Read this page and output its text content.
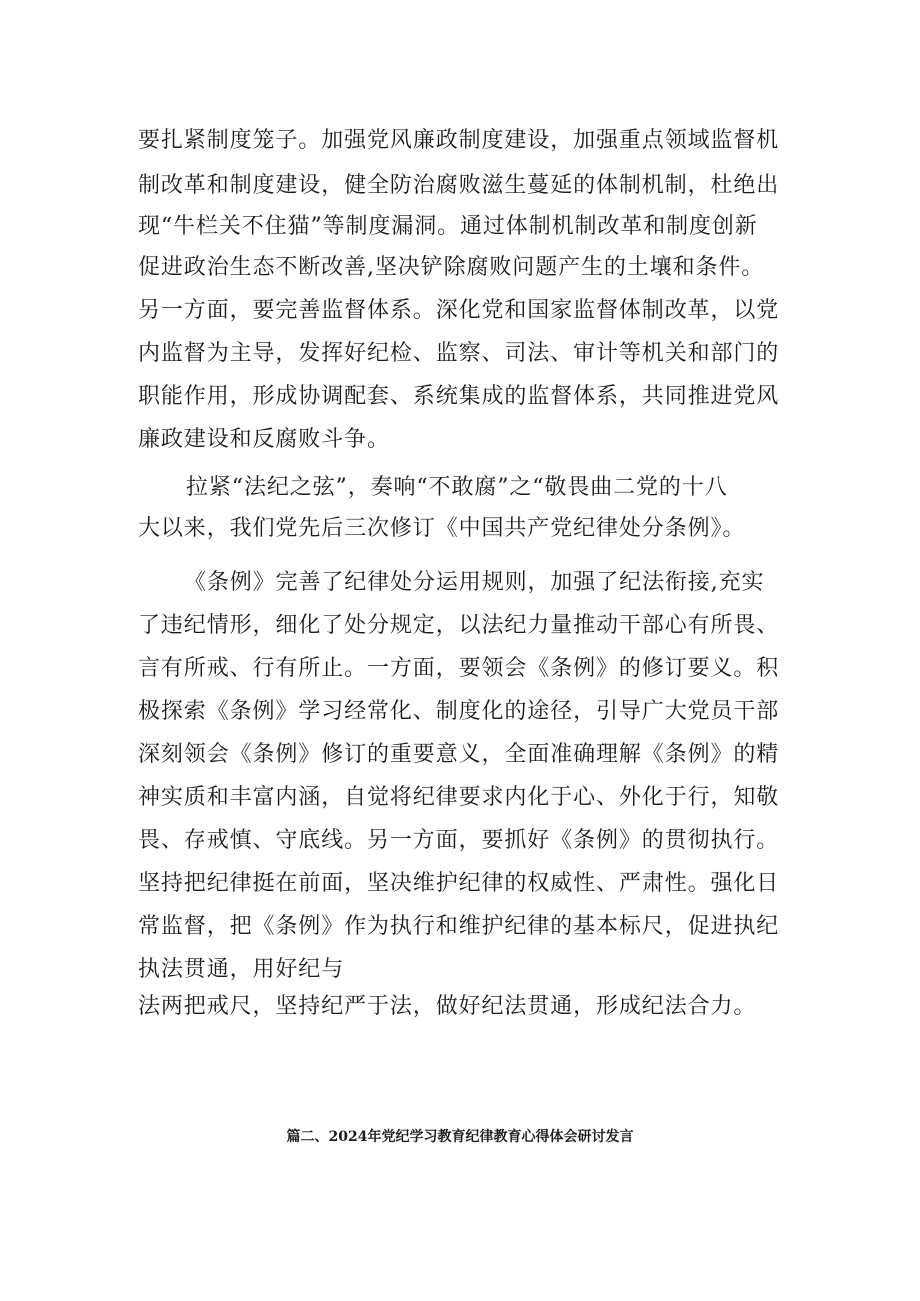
要扎紧制度笼子。加强党风廉政制度建设，加强重点领域监督机
制改革和制度建设，健全防治腐败滋生蔓延的体制机制，杜绝出
现“牛栏关不住猫”等制度漏洞。通过体制机制改革和制度创新
促进政治生态不断改善,坚决铲除腐败问题产生的土壤和条件。
另一方面，要完善监督体系。深化党和国家监督体制改革，以党
内监督为主导，发挥好纪检、监察、司法、审计等机关和部门的
职能作用，形成协调配套、系统集成的监督体系，共同推进党风
廉政建设和反腐败斗争。
拉紧“法纪之弦”，奏响“不敢腐”之“敬畏曲二党的十八
大以来，我们党先后三次修订《中国共产党纪律处分条例》。
《条例》完善了纪律处分运用规则，加强了纪法衔接,充实
了违纪情形，细化了处分规定，以法纪力量推动干部心有所畏、
言有所戒、行有所止。一方面，要领会《条例》的修订要义。积
极探索《条例》学习经常化、制度化的途径，引导广大党员干部
深刻领会《条例》修订的重要意义，全面准确理解《条例》的精
神实质和丰富内涵，自觉将纪律要求内化于心、外化于行，知敬
畏、存戒慎、守底线。另一方面，要抓好《条例》的贯彻执行。
坚持把纪律挺在前面，坚决维护纪律的权威性、严肃性。强化日
常监督，把《条例》作为执行和维护纪律的基本标尺，促进执纪
执法贯通，用好纪与
法两把戒尺，坚持纪严于法，做好纪法贯通，形成纪法合力。
篇二、2024年党纪学习教育纪律教育心得体会研讨发言
